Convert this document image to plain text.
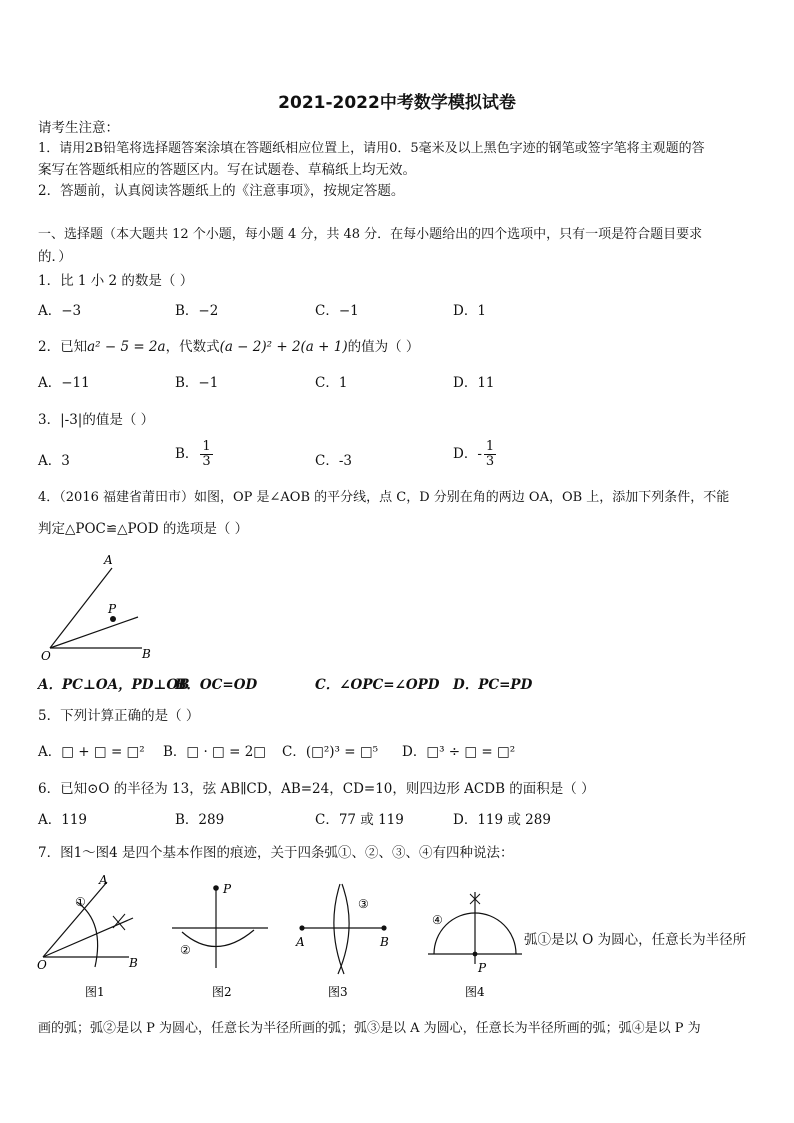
2021-2022中考数学模拟试卷
请考生注意：
1．请用2B铅笔将选择题答案涂填在答题纸相应位置上，请用0．5毫米及以上黑色字迹的钢笔或签字笔将主观题的答
案写在答题纸相应的答题区内。写在试题卷、草稿纸上均无效。
2．答题前，认真阅读答题纸上的《注意事项》，按规定答题。
一、选择题（本大题共 12 个小题，每小题 4 分，共 48 分．在每小题给出的四个选项中，只有一项是符合题目要求
的．）
1．比 1 小 2 的数是（ ）
A．−3	B．−2	C．−1	D．1
2．已知a² − 5 = 2a，代数式(a − 2)² + 2(a + 1)的值为（ ）
A．−11	B．−1	C．1	D．11
3．|-3|的值是（ ）
A．3	B． $\frac{1}{3}$	C．-3	D．- $\frac{1}{3}$
4．（2016 福建省莆田市）如图，OP 是∠AOB 的平分线，点 C，D 分别在角的两边 OA，OB 上，添加下列条件，不能
判定△POC≌△POD 的选项是（ ）
A
P
O	B
A．PC⊥OA，PD⊥OB
B．OC=OD	C．∠OPC=∠OPD D．PC=PD
5．下列计算正确的是（ ）
A．□ + □ = □² B．□ · □ = 2□ C．(□²)³ = □⁵ D．□³ ÷ □ = □²
6．已知⊙O 的半径为 13，弦 AB∥CD，AB=24，CD=10，则四边形 ACDB 的面积是（ ）
A．119	B．289	C．77 或 119	D．119 或 289
7．图1～图4 是四个基本作图的痕迹，关于四条弧①、②、③、④有四种说法：
A
①
O	B
图1
P
②
图2
③
A	B
图3
④
P
图4
弧①是以 O 为圆心，任意长为半径所
画的弧；弧②是以 P 为圆心，任意长为半径所画的弧；弧③是以 A 为圆心，任意长为半径所画的弧；弧④是以 P 为
